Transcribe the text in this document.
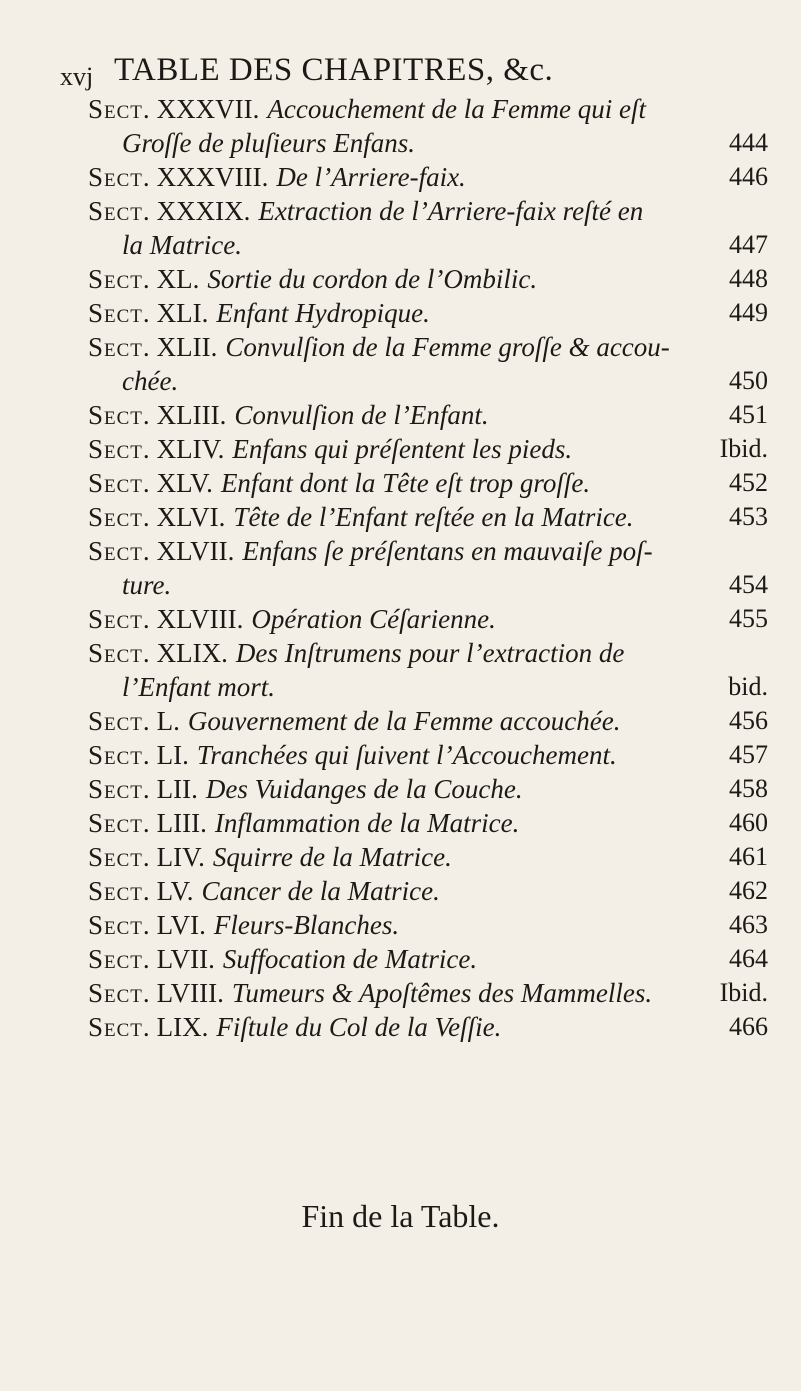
xvj TABLE DES CHAPITRES, &c.
Sect. XXXVII. Accouchement de la Femme qui eſt
Groſſe de pluſieurs Enfans.	444
Sect. XXXVIII. De l’Arriere-faix.	446
Sect. XXXIX. Extraction de l’Arriere-faix reſté en
la Matrice.	447
Sect. XL. Sortie du cordon de l’Ombilic.	448
Sect. XLI. Enfant Hydropique.	449
Sect. XLII. Convulſion de la Femme groſſe & accou-
chée.	450
Sect. XLIII. Convulſion de l’Enfant.	451
Sect. XLIV. Enfans qui préſentent les pieds.	Ibid.
Sect. XLV. Enfant dont la Tête eſt trop groſſe.	452
Sect. XLVI. Tête de l’Enfant reſtée en la Matrice.	453
Sect. XLVII. Enfans ſe préſentans en mauvaiſe poſ-
ture.	454
Sect. XLVIII. Opération Céſarienne.	455
Sect. XLIX. Des Inſtrumens pour l’extraction de
l’Enfant mort.	bid.
Sect. L. Gouvernement de la Femme accouchée.	456
Sect. LI. Tranchées qui ſuivent l’Accouchement.	457
Sect. LII. Des Vuidanges de la Couche.	458
Sect. LIII. Inflammation de la Matrice.	460
Sect. LIV. Squirre de la Matrice.	461
Sect. LV. Cancer de la Matrice.	462
Sect. LVI. Fleurs-Blanches.	463
Sect. LVII. Suffocation de Matrice.	464
Sect. LVIII. Tumeurs & Apoſtêmes des Mammelles.	Ibid.
Sect. LIX. Fiſtule du Col de la Veſſie.	466
Fin de la Table.
